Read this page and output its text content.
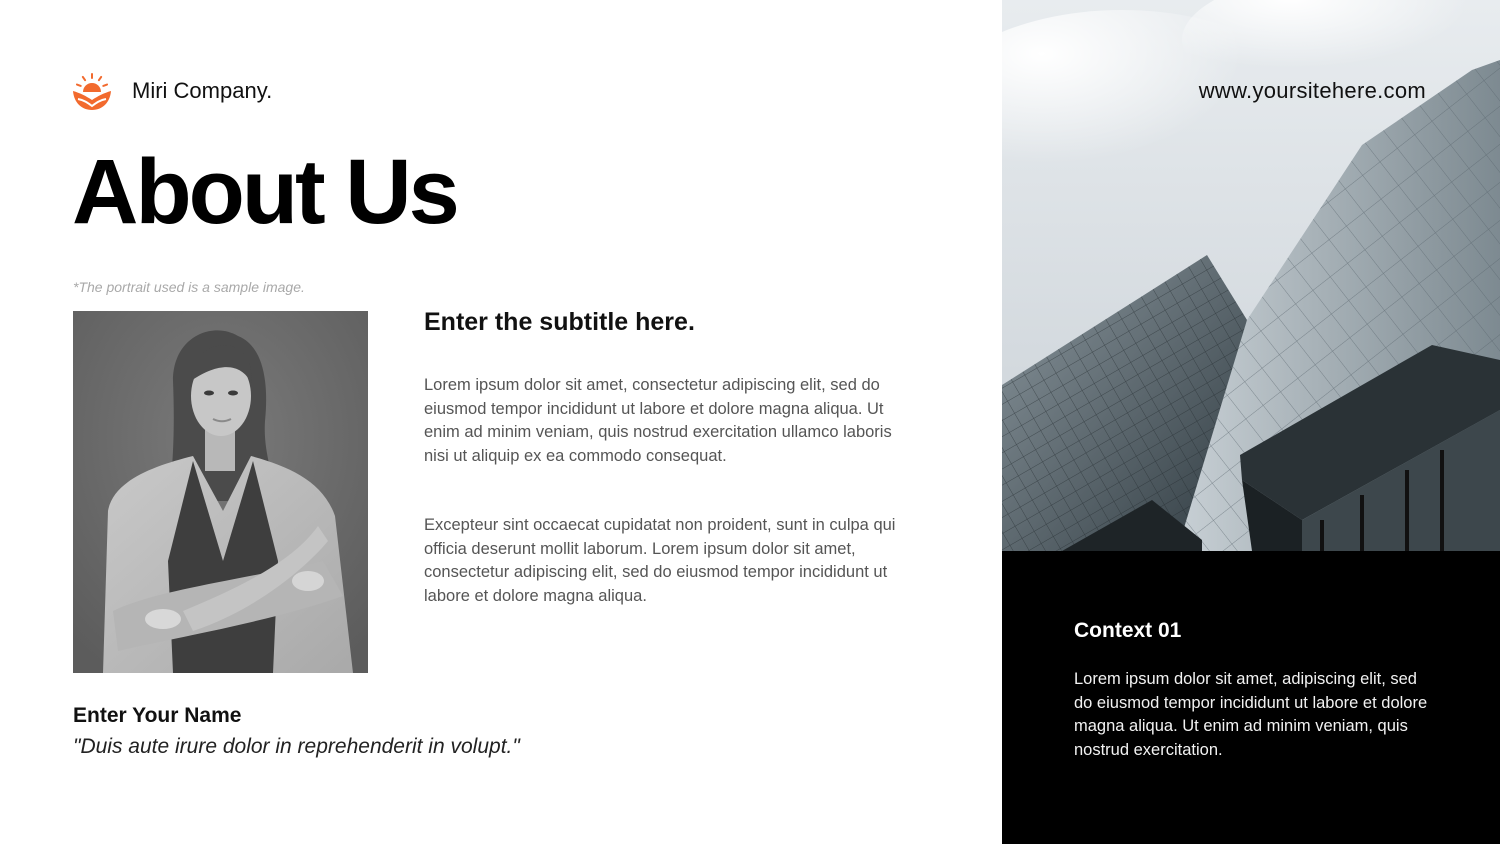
Miri Company.	www.yoursitehere.com
About Us
*The portrait used is a sample image.
Enter the subtitle here.
Lorem ipsum dolor sit amet, consectetur adipiscing elit, sed do eiusmod tempor incididunt ut labore et dolore magna aliqua. Ut enim ad minim veniam, quis nostrud exercitation ullamco laboris nisi ut aliquip ex ea commodo consequat.
Excepteur sint occaecat cupidatat non proident, sunt in culpa qui officia deserunt mollit laborum. Lorem ipsum dolor sit amet, consectetur adipiscing elit, sed do eiusmod tempor incididunt ut labore et dolore magna aliqua.
Enter Your Name
"Duis aute irure dolor in reprehenderit in volupt."
Context 01
Lorem ipsum dolor sit amet, adipiscing elit, sed do eiusmod tempor incididunt ut labore et dolore magna aliqua. Ut enim ad minim veniam, quis nostrud exercitation.
